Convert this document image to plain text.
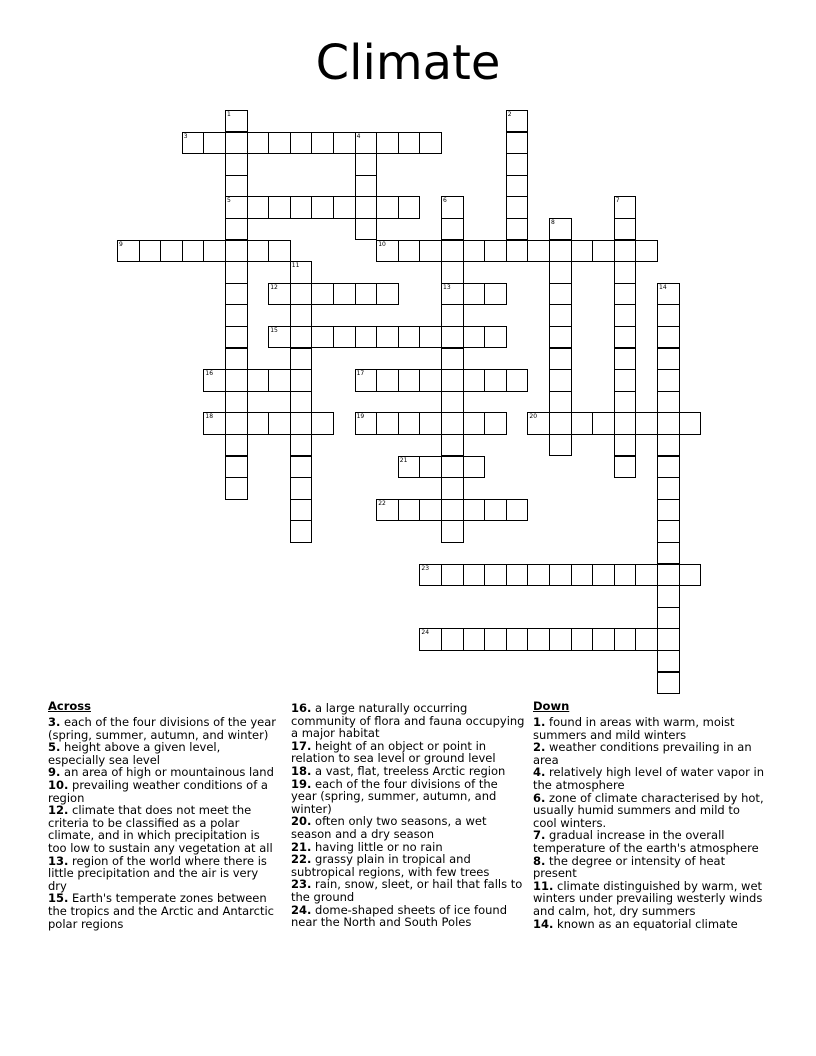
Climate
1
5
2
3	4
6
13
7
8
9	10
11
12	14
15
16	17
18	19	20
21
22
23
24
Across

3. each of the four divisions of the year (spring, summer, autumn, and winter)

5. height above a given level, especially sea level

9. an area of high or mountainous land

10. prevailing weather conditions of a region

12. climate that does not meet the criteria to be classified as a polar climate, and in which precipitation is too low to sustain any vegetation at all

13. region of the world where there is little precipitation and the air is very dry

15. Earth's temperate zones between the tropics and the Arctic and Antarctic polar regions

16. a large naturally occurring community of flora and fauna occupying a major habitat

17. height of an object or point in relation to sea level or ground level

18. a vast, flat, treeless Arctic region

19. each of the four divisions of the year (spring, summer, autumn, and winter)

20. often only two seasons, a wet season and a dry season

21. having little or no rain

22. grassy plain in tropical and subtropical regions, with few trees

23. rain, snow, sleet, or hail that falls to the ground

24. dome-shaped sheets of ice found near the North and South Poles

Down

1. found in areas with warm, moist summers and mild winters

2. weather conditions prevailing in an area

4. relatively high level of water vapor in the atmosphere

6. zone of climate characterised by hot, usually humid summers and mild to cool winters.

7. gradual increase in the overall temperature of the earth's atmosphere

8. the degree or intensity of heat present

11. climate distinguished by warm, wet winters under prevailing westerly winds and calm, hot, dry summers

14. known as an equatorial climate
